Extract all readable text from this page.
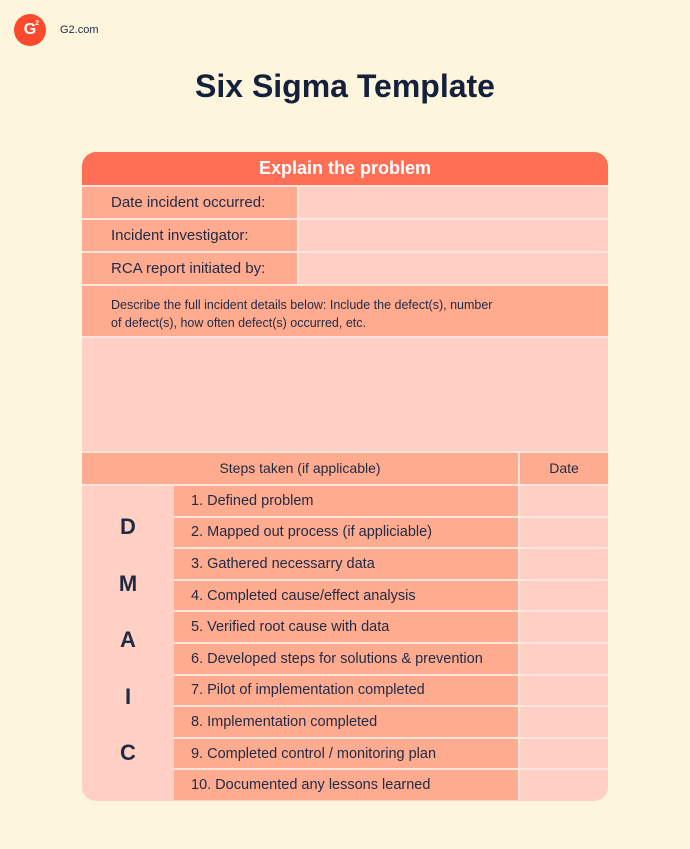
G
2
G2.com
Six Sigma Template
Explain the problem
Date incident occurred:
Incident investigator:
RCA report initiated by:
Describe the full incident details below: Include the defect(s), number
of defect(s), how often defect(s) occurred, etc.
Steps taken (if applicable)	Date
D
M
A
I
C
1. Defined problem
2. Mapped out process (if appliciable)
3. Gathered necessarry data
4. Completed cause/effect analysis
5. Verified root cause with data
6. Developed steps for solutions & prevention
7. Pilot of implementation completed
8. Implementation completed
9. Completed control / monitoring plan
10. Documented any lessons learned
